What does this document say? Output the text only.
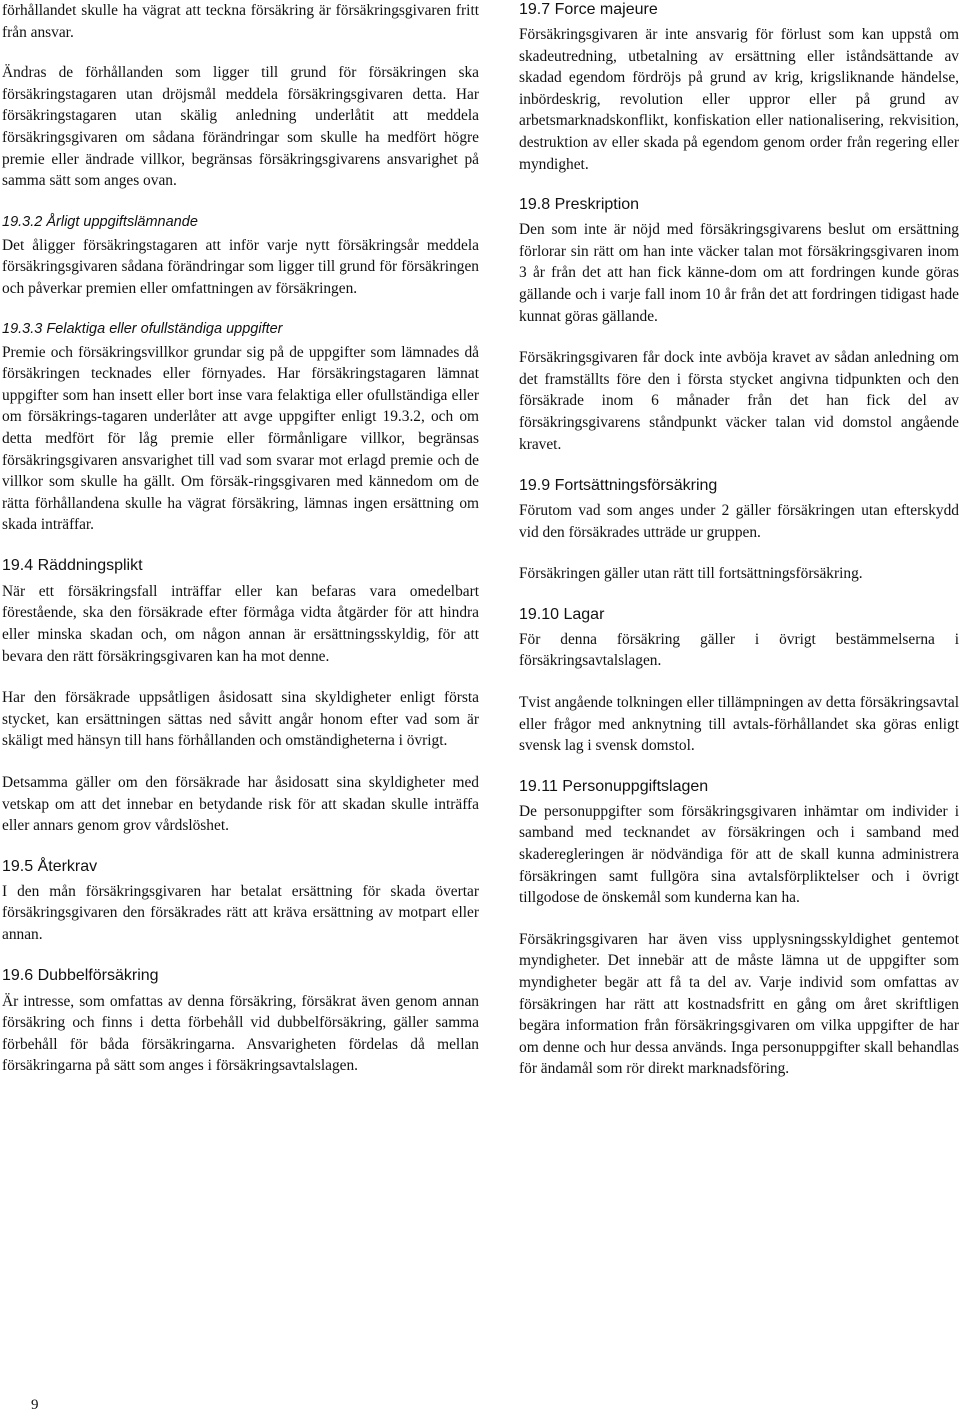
förhållandet skulle ha vägrat att teckna försäkring är försäkringsgivaren fritt från ansvar.

Ändras de förhållanden som ligger till grund för försäkringen ska försäkringstagaren utan dröjsmål meddela försäkringsgivaren detta. Har försäkringstagaren utan skälig anledning underlåtit att meddela försäkringsgivaren om sådana förändringar som skulle ha medfört högre premie eller ändrade villkor, begränsas försäkringsgivarens ansvarighet på samma sätt som anges ovan.

19.3.2 Årligt uppgiftslämnande

Det åligger försäkringstagaren att inför varje nytt försäkringsår meddela försäkringsgivaren sådana förändringar som ligger till grund för försäkringen och påverkar premien eller omfattningen av försäkringen.

19.3.3 Felaktiga eller ofullständiga uppgifter

Premie och försäkringsvillkor grundar sig på de uppgifter som lämnades då försäkringen tecknades eller förnyades. Har försäkringstagaren lämnat uppgifter som han insett eller bort inse vara felaktiga eller ofullständiga eller om försäkrings-tagaren underlåter att avge uppgifter enligt 19.3.2, och om detta medfört för låg premie eller förmånligare villkor, begränsas försäkringsgivaren ansvarighet till vad som svarar mot erlagd premie och de villkor som skulle ha gällt. Om försäk-ringsgivaren med kännedom om de rätta förhållandena skulle ha vägrat försäkring, lämnas ingen ersättning om skada inträffar.

19.4 Räddningsplikt

När ett försäkringsfall inträffar eller kan befaras vara omedelbart förestående, ska den försäkrade efter förmåga vidta åtgärder för att hindra eller minska skadan och, om någon annan är ersättningsskyldig, för att bevara den rätt försäkringsgivaren kan ha mot denne.

Har den försäkrade uppsåtligen åsidosatt sina skyldigheter enligt första stycket, kan ersättningen sättas ned såvitt angår honom efter vad som är skäligt med hänsyn till hans förhållanden och omständigheterna i övrigt.

Detsamma gäller om den försäkrade har åsidosatt sina skyldigheter med vetskap om att det innebar en betydande risk för att skadan skulle inträffa eller annars genom grov vårdslöshet.

19.5 Återkrav

I den mån försäkringsgivaren har betalat ersättning för skada övertar försäkringsgivaren den försäkrades rätt att kräva ersättning av motpart eller annan.

19.6 Dubbelförsäkring

Är intresse, som omfattas av denna försäkring, försäkrat även genom annan försäkring och finns i detta förbehåll vid dubbelförsäkring, gäller samma förbehåll för båda försäkringarna. Ansvarigheten fördelas då mellan försäkringarna på sätt som anges i försäkringsavtalslagen.

19.7 Force majeure

Försäkringsgivaren är inte ansvarig för förlust som kan uppstå om skadeutredning, utbetalning av ersättning eller iståndsättande av skadad egendom fördröjs på grund av krig, krigsliknande händelse, inbördeskrig, revolution eller uppror eller på grund av arbetsmarknadskonflikt, konfiskation eller nationalisering, rekvisition, destruktion av eller skada på egendom genom order från regering eller myndighet.

19.8 Preskription

Den som inte är nöjd med försäkringsgivarens beslut om ersättning förlorar sin rätt om han inte väcker talan mot försäkringsgivaren inom 3 år från det att han fick känne-dom om att fordringen kunde göras gällande och i varje fall inom 10 år från det att fordringen tidigast hade kunnat göras gällande.

Försäkringsgivaren får dock inte avböja kravet av sådan anledning om det framställts före den i första stycket angivna tidpunkten och den försäkrade inom 6 månader från det han fick del av försäkringsgivarens ståndpunkt väcker talan vid domstol angående kravet.

19.9 Fortsättningsförsäkring

Förutom vad som anges under 2 gäller försäkringen utan efterskydd vid den försäkrades utträde ur gruppen.

Försäkringen gäller utan rätt till fortsättningsförsäkring.

19.10 Lagar

För denna försäkring gäller i övrigt bestämmelserna i försäkringsavtalslagen.

Tvist angående tolkningen eller tillämpningen av detta försäkringsavtal eller frågor med anknytning till avtals-förhållandet ska göras enligt svensk lag i svensk domstol.

19.11 Personuppgiftslagen

De personuppgifter som försäkringsgivaren inhämtar om individer i samband med tecknandet av försäkringen och i samband med skaderegleringen är nödvändiga för att de skall kunna administrera försäkringen samt fullgöra sina avtalsförpliktelser och i övrigt tillgodose de önskemål som kunderna kan ha.

Försäkringsgivaren har även viss upplysningsskyldighet gentemot myndigheter. Det innebär att de måste lämna ut de uppgifter som myndigheter begär att få ta del av. Varje individ som omfattas av försäkringen har rätt att kostnadsfritt en gång om året skriftligen begära information från försäkringsgivaren om vilka uppgifter de har om denne och hur dessa används. Inga personuppgifter skall behandlas för ändamål som rör direkt marknadsföring.

9
